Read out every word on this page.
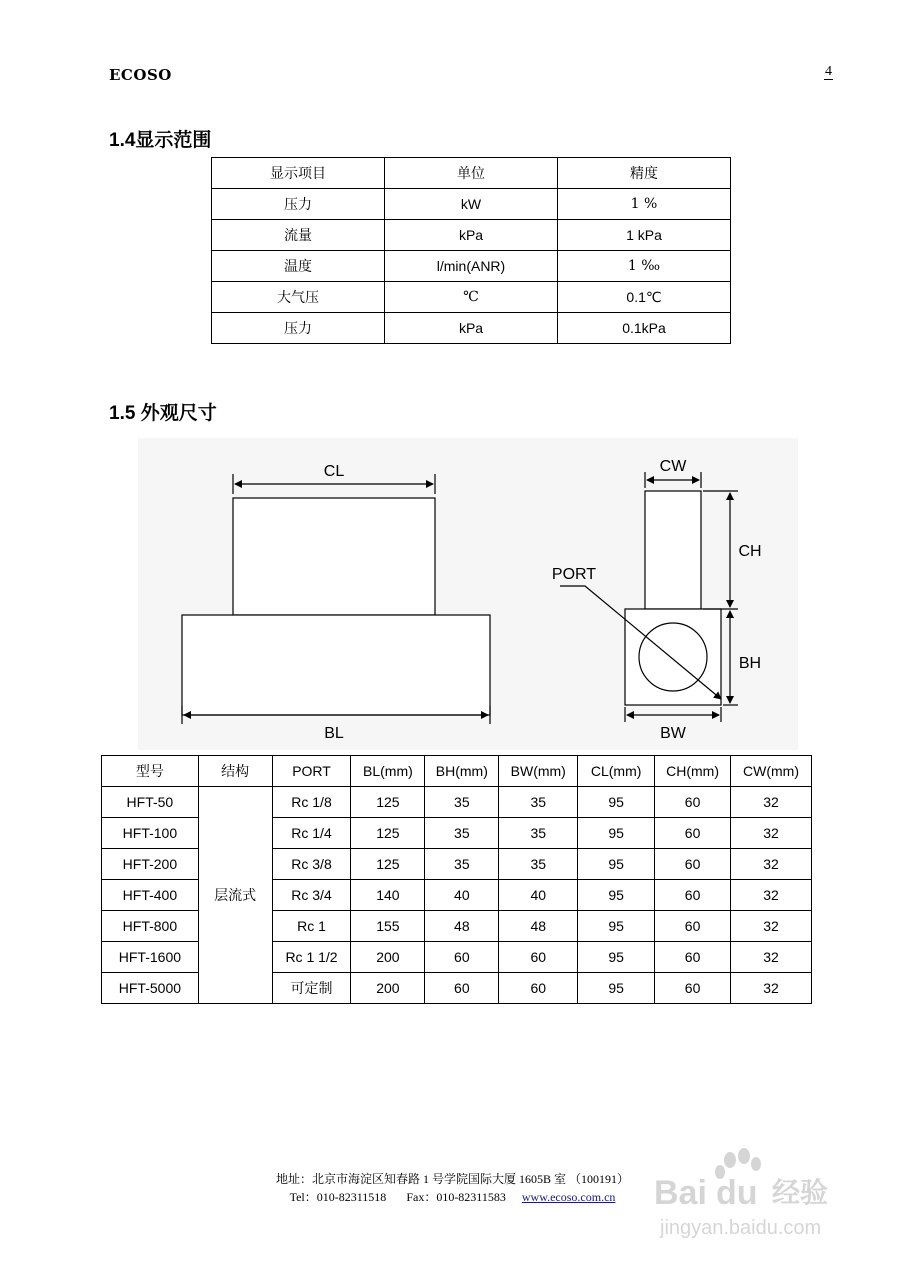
ECOSO	4
1.4显示范围
显示项目	单位	精度
压力	kW	1 %
流量	kPa	1 kPa
温度	l/min(ANR)	1 ‰
大气压	℃	0.1℃
压力	kPa	0.1kPa
1.5 外观尺寸
CL
BL
CW
CH
BH
BW
PORT
型号	结构	PORT	BL(mm)	BH(mm)	BW(mm)	CL(mm)	CH(mm)	CW(mm)
HFT-50	层流式	Rc 1/8	125	35	35	95	60	32
HFT-100		Rc 1/4	125	35	35	95	60	32
HFT-200		Rc 3/8	125	35	35	95	60	32
HFT-400		Rc 3/4	140	40	40	95	60	32
HFT-800		Rc 1	155	48	48	95	60	32
HFT-1600		Rc 1 1/2	200	60	60	95	60	32
HFT-5000		可定制	200	60	60	95	60	32
地址：北京市海淀区知春路 1 号学院国际大厦 1605B 室 （100191）
Tel：010-82311518 Fax：010-82311583 www.ecoso.com.cn	Bai du 经验
jingyan.baidu.com
